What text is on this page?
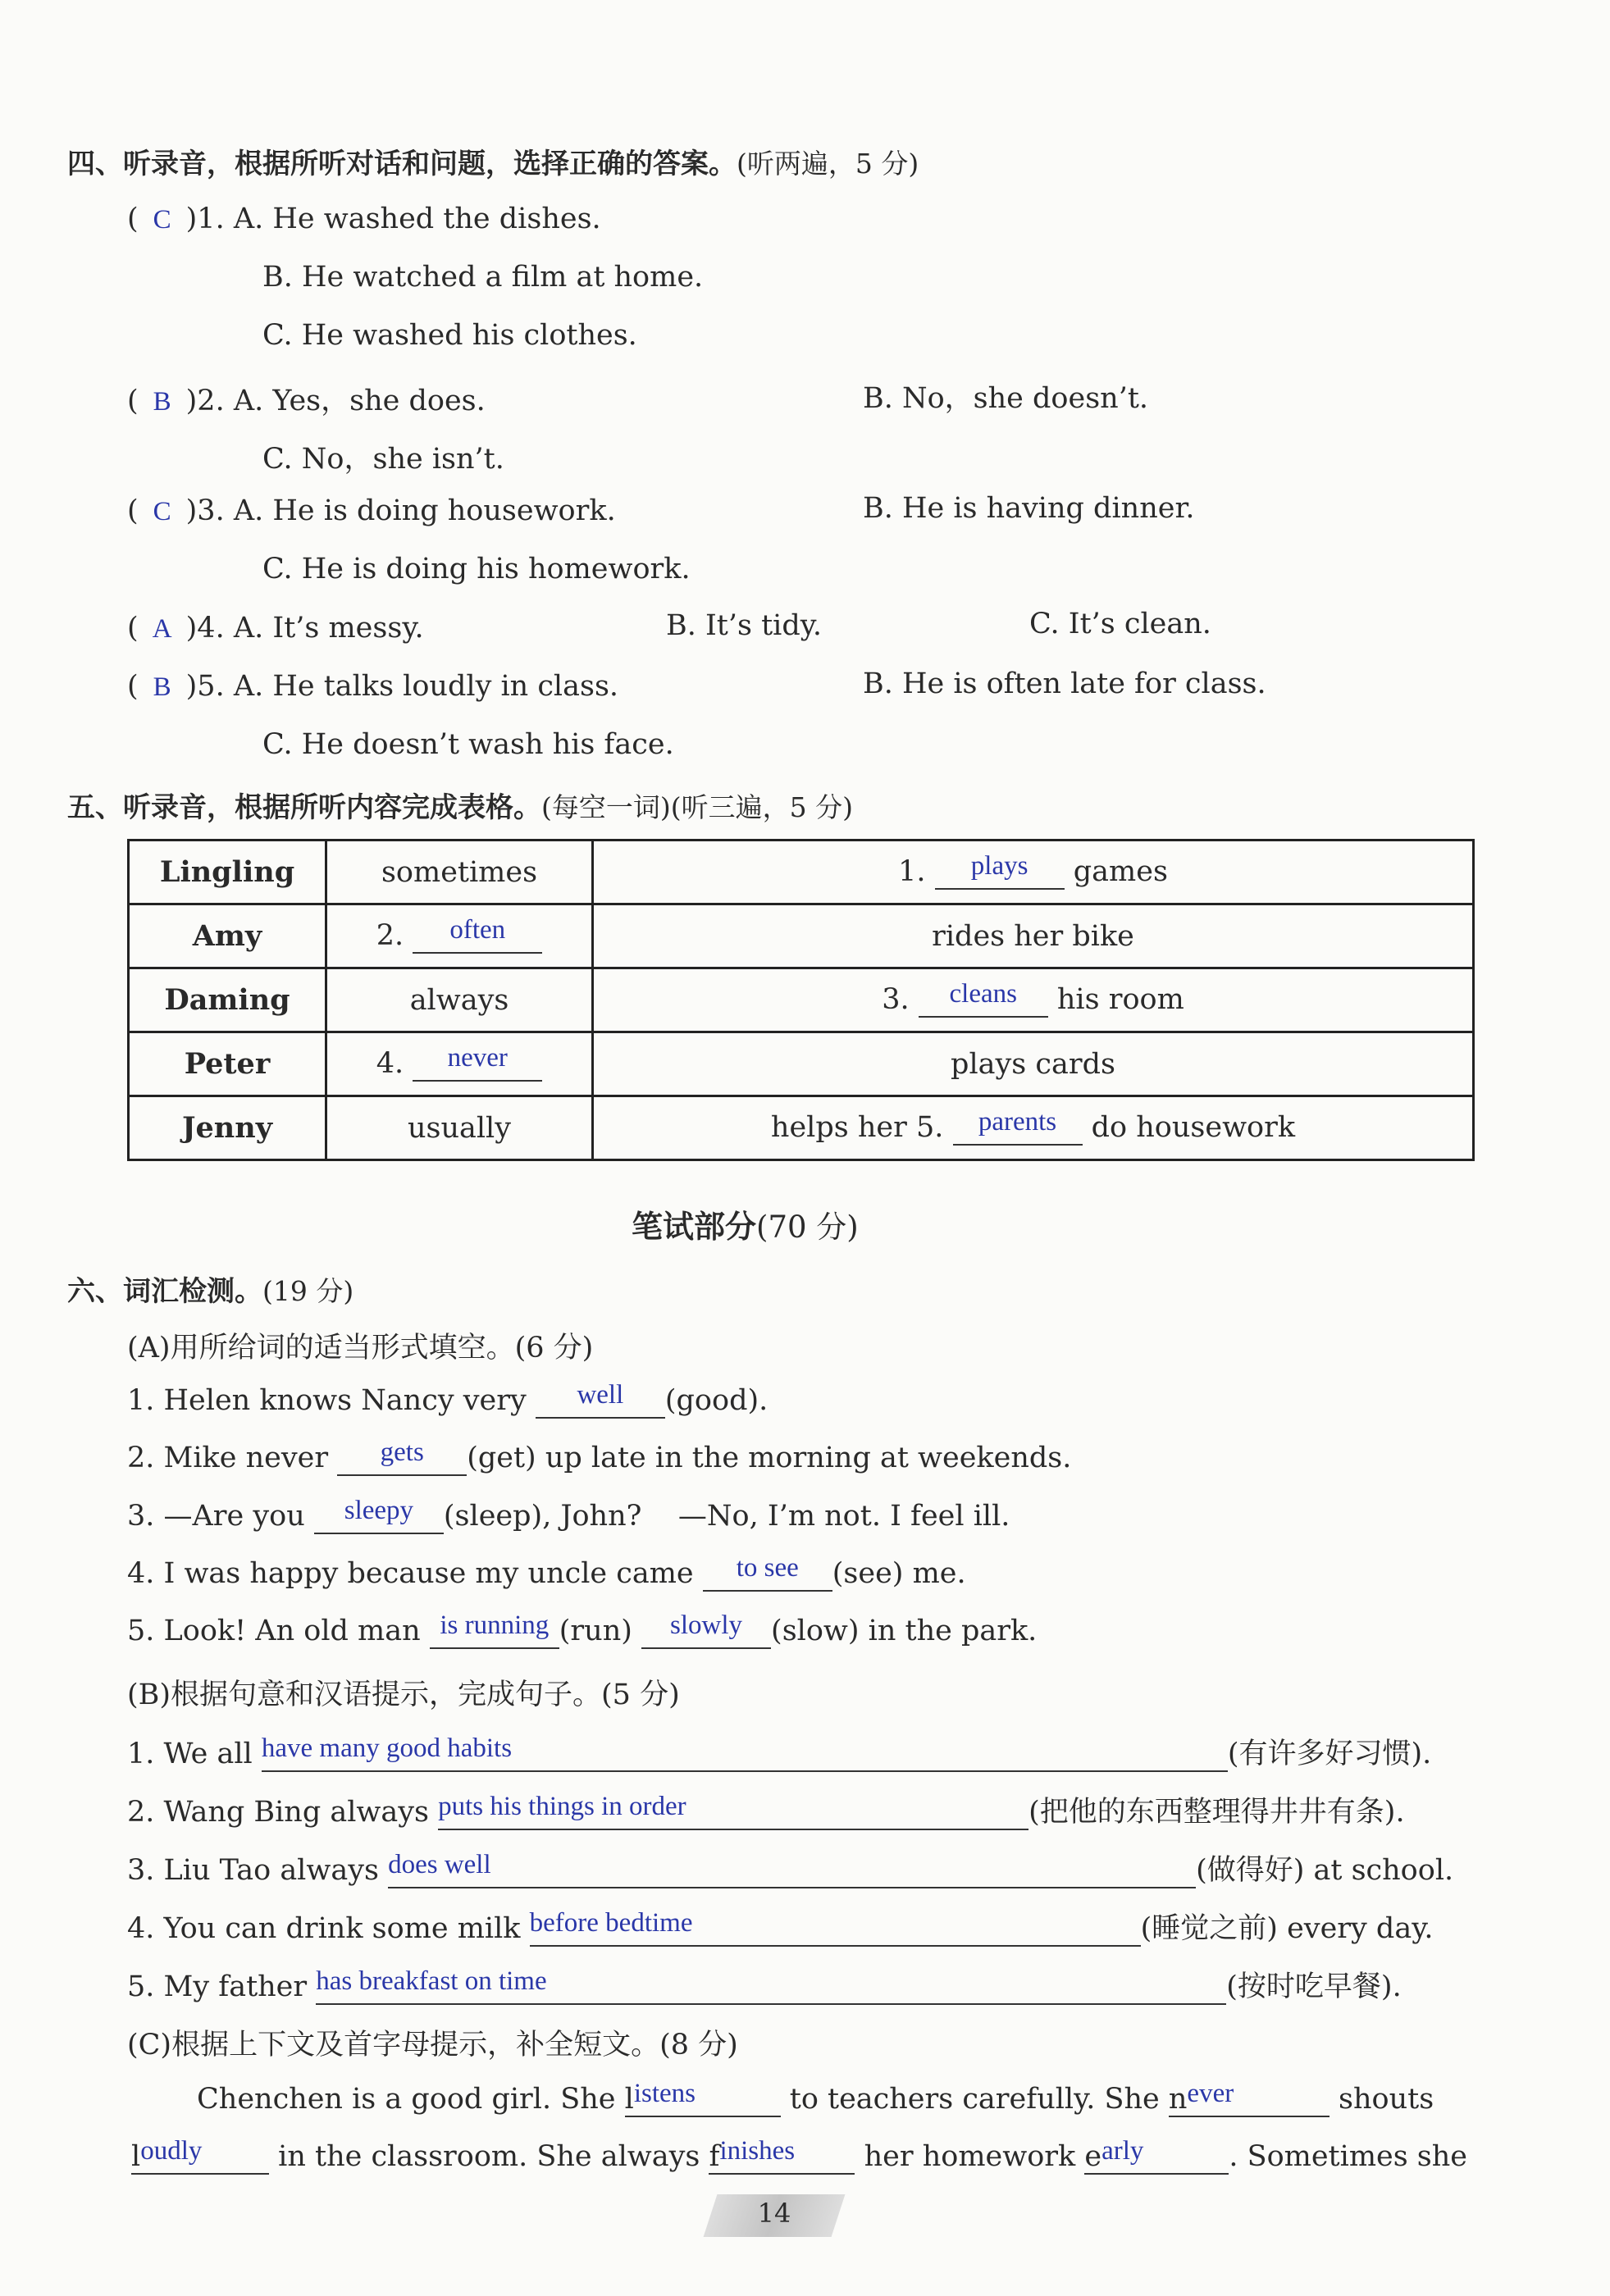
四、听录音，根据所听对话和问题，选择正确的答案。(听两遍，5 分)
( C )1. A. He washed the dishes.
B. He watched a film at home.
C. He washed his clothes.
( B )2. A. Yes，she does.	B. No，she doesn’t.
C. No，she isn’t.
( C )3. A. He is doing housework.	B. He is having dinner.
C. He is doing his homework.
( A )4. A. It’s messy.	B. It’s tidy.	C. It’s clean.
( B )5. A. He talks loudly in class.	B. He is often late for class.
C. He doesn’t wash his face.
五、听录音，根据所听内容完成表格。(每空一词)(听三遍，5 分)
Lingling	sometimes	1. plays games
Amy	2. often	rides her bike
Daming	always	3. cleans his room
Peter	4. never	plays cards
Jenny	usually	helps her 5. parents do housework
笔试部分(70 分)
六、词汇检测。(19 分)
(A)用所给词的适当形式填空。(6 分)
1. Helen knows Nancy very well (good).
2. Mike never gets (get) up late in the morning at weekends.
3. —Are you sleepy (sleep), John? —No, I’m not. I feel ill.
4. I was happy because my uncle came to see (see) me.
5. Look! An old man is running (run) slowly (slow) in the park.
(B)根据句意和汉语提示，完成句子。(5 分)
1. We all have many good habits	(有许多好习惯).
2. Wang Bing always puts his things in order	(把他的东西整理得井井有条).
3. Liu Tao always does well	(做得好) at school.
4. You can drink some milk before bedtime	(睡觉之前) every day.
5. My father has breakfast on time	(按时吃早餐).
(C)根据上下文及首字母提示，补全短文。(8 分)
Chenchen is a good girl. She listens	to teachers carefully. She never	shouts
loudly	in the classroom. She always finishes her homework early	. Sometimes she
14
